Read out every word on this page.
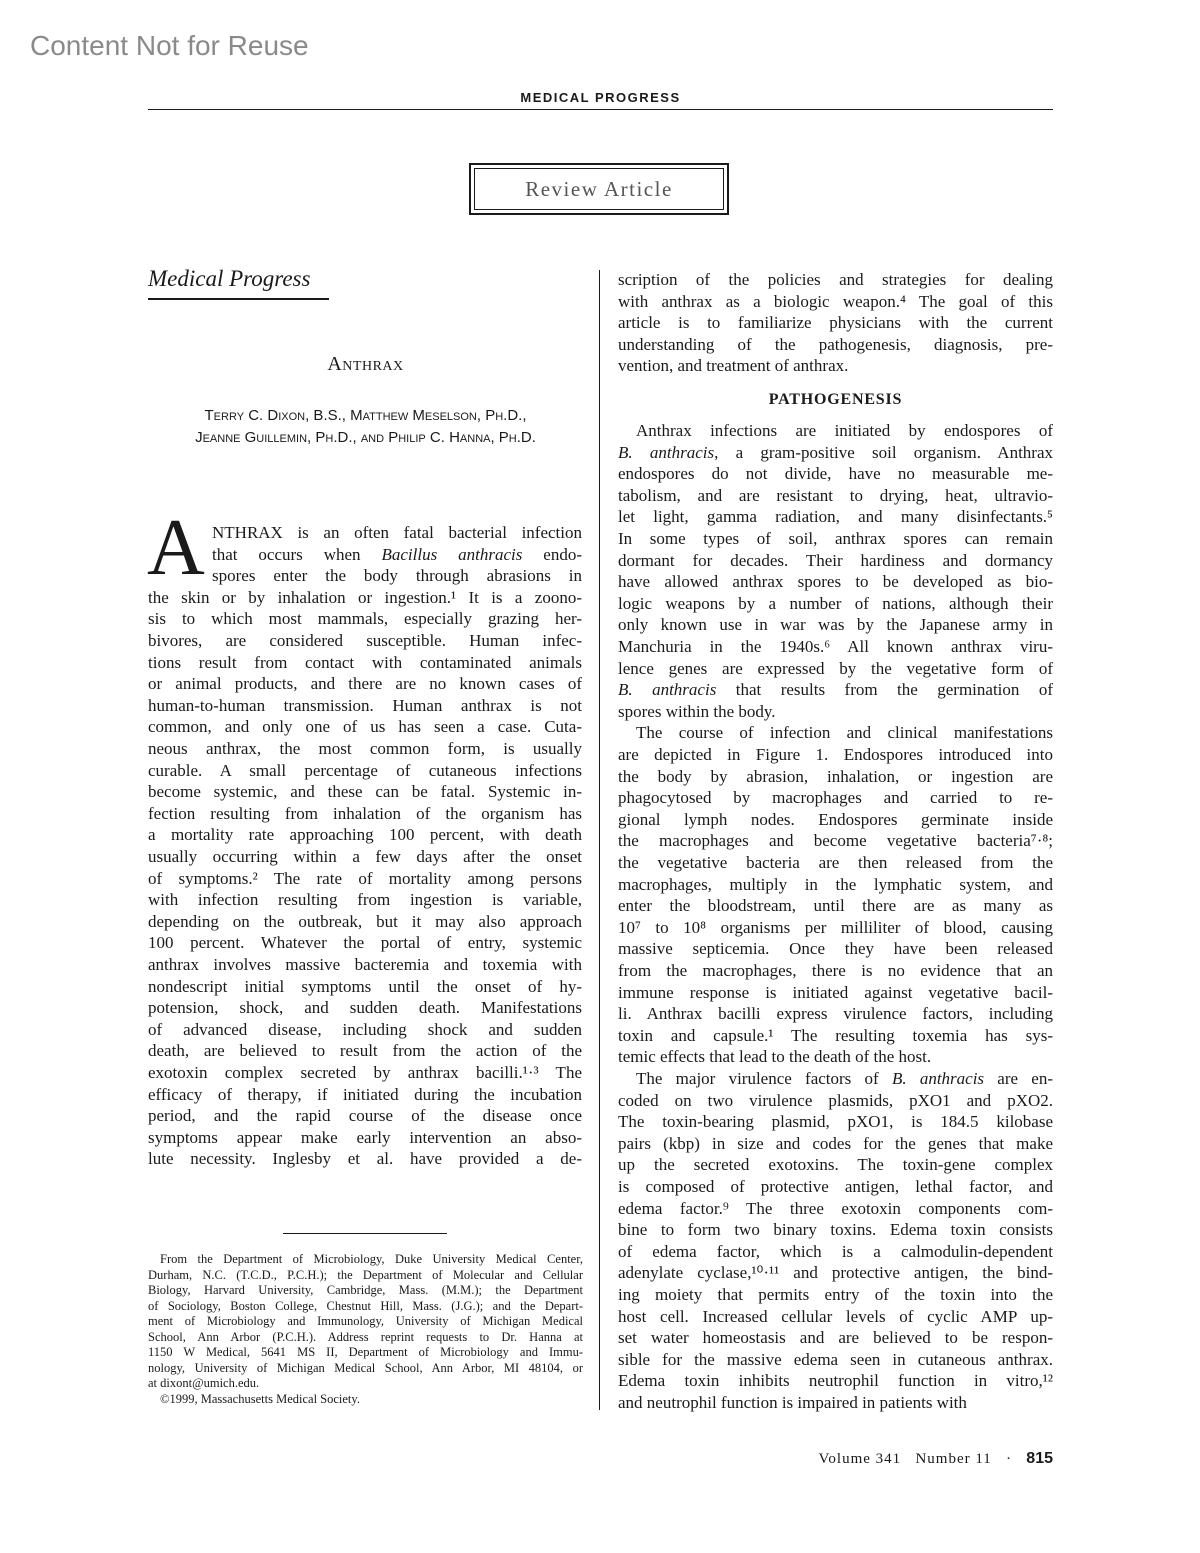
Content Not for Reuse
MEDICAL PROGRESS
Review Article
Medical Progress
Anthrax
Terry C. Dixon, B.S., Matthew Meselson, Ph.D.,
Jeanne Guillemin, Ph.D., and Philip C. Hanna, Ph.D.
A NTHRAX is an often fatal bacterial infection
that occurs when Bacillus anthracis endo-
spores enter the body through abrasions in
the skin or by inhalation or ingestion.¹ It is a zoono-
sis to which most mammals, especially grazing her-
bivores, are considered susceptible. Human infec-
tions result from contact with contaminated animals
or animal products, and there are no known cases of
human-to-human transmission. Human anthrax is not
common, and only one of us has seen a case. Cuta-
neous anthrax, the most common form, is usually
curable. A small percentage of cutaneous infections
become systemic, and these can be fatal. Systemic in-
fection resulting from inhalation of the organism has
a mortality rate approaching 100 percent, with death
usually occurring within a few days after the onset
of symptoms.² The rate of mortality among persons
with infection resulting from ingestion is variable,
depending on the outbreak, but it may also approach
100 percent. Whatever the portal of entry, systemic
anthrax involves massive bacteremia and toxemia with
nondescript initial symptoms until the onset of hy-
potension, shock, and sudden death. Manifestations
of advanced disease, including shock and sudden
death, are believed to result from the action of the
exotoxin complex secreted by anthrax bacilli.¹·³ The
efficacy of therapy, if initiated during the incubation
period, and the rapid course of the disease once
symptoms appear make early intervention an abso-
lute necessity. Inglesby et al. have provided a de-
scription of the policies and strategies for dealing
with anthrax as a biologic weapon.⁴ The goal of this
article is to familiarize physicians with the current
understanding of the pathogenesis, diagnosis, pre-
vention, and treatment of anthrax.
PATHOGENESIS
Anthrax infections are initiated by endospores of
B. anthracis, a gram-positive soil organism. Anthrax
endospores do not divide, have no measurable me-
tabolism, and are resistant to drying, heat, ultravio-
let light, gamma radiation, and many disinfectants.⁵
In some types of soil, anthrax spores can remain
dormant for decades. Their hardiness and dormancy
have allowed anthrax spores to be developed as bio-
logic weapons by a number of nations, although their
only known use in war was by the Japanese army in
Manchuria in the 1940s.⁶ All known anthrax viru-
lence genes are expressed by the vegetative form of
B. anthracis that results from the germination of
spores within the body.
The course of infection and clinical manifestations
are depicted in Figure 1. Endospores introduced into
the body by abrasion, inhalation, or ingestion are
phagocytosed by macrophages and carried to re-
gional lymph nodes. Endospores germinate inside
the macrophages and become vegetative bacteria⁷·⁸;
the vegetative bacteria are then released from the
macrophages, multiply in the lymphatic system, and
enter the bloodstream, until there are as many as
10⁷ to 10⁸ organisms per milliliter of blood, causing
massive septicemia. Once they have been released
from the macrophages, there is no evidence that an
immune response is initiated against vegetative bacil-
li. Anthrax bacilli express virulence factors, including
toxin and capsule.¹ The resulting toxemia has sys-
temic effects that lead to the death of the host.
The major virulence factors of B. anthracis are en-
coded on two virulence plasmids, pXO1 and pXO2.
The toxin-bearing plasmid, pXO1, is 184.5 kilobase
pairs (kbp) in size and codes for the genes that make
up the secreted exotoxins. The toxin-gene complex
is composed of protective antigen, lethal factor, and
edema factor.⁹ The three exotoxin components com-
bine to form two binary toxins. Edema toxin consists
of edema factor, which is a calmodulin-dependent
adenylate cyclase,¹⁰·¹¹ and protective antigen, the bind-
ing moiety that permits entry of the toxin into the
host cell. Increased cellular levels of cyclic AMP up-
set water homeostasis and are believed to be respon-
sible for the massive edema seen in cutaneous anthrax.
Edema toxin inhibits neutrophil function in vitro,¹²
and neutrophil function is impaired in patients with
From the Department of Microbiology, Duke University Medical Center,
Durham, N.C. (T.C.D., P.C.H.); the Department of Molecular and Cellular
Biology, Harvard University, Cambridge, Mass. (M.M.); the Department
of Sociology, Boston College, Chestnut Hill, Mass. (J.G.); and the Depart-
ment of Microbiology and Immunology, University of Michigan Medical
School, Ann Arbor (P.C.H.). Address reprint requests to Dr. Hanna at
1150 W Medical, 5641 MS II, Department of Microbiology and Immu-
nology, University of Michigan Medical School, Ann Arbor, MI 48104, or
at dixont@umich.edu.
©1999, Massachusetts Medical Society.
Volume 341 Number 11 · 815
